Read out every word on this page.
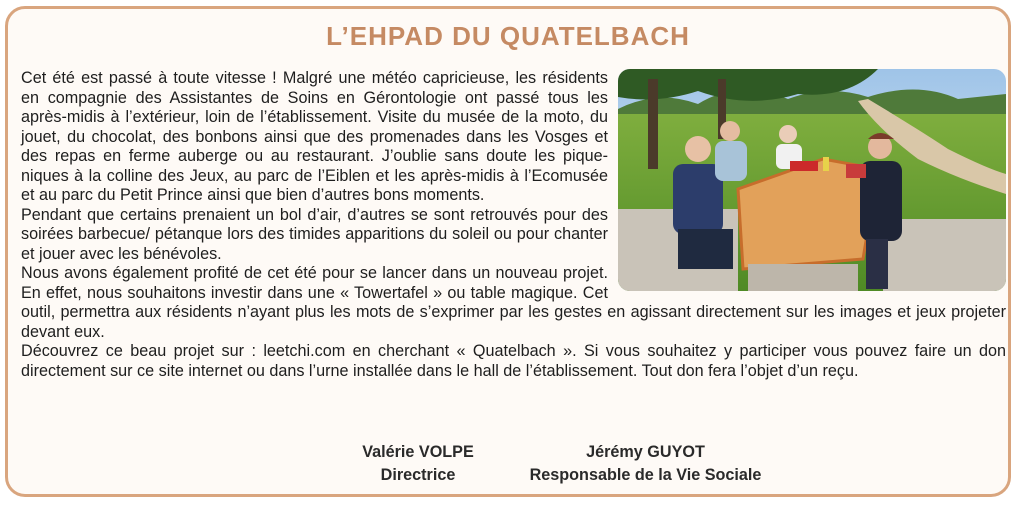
L’EHPAD DU QUATELBACH

Cet été est passé à toute vitesse ! Malgré une météo capricieuse, les résidents en compagnie des Assistantes de Soins en Gérontologie ont passé tous les après-midis à l’extérieur, loin de l’établissement. Visite du musée de la moto, du jouet, du chocolat, des bonbons ainsi que des promenades dans les Vosges et des repas en ferme auberge ou au restaurant. J’oublie sans doute les pique-niques à la colline des Jeux, au parc de l’Eiblen et les après-midis à l’Ecomusée et au parc du Petit Prince ainsi que bien d’autres bons moments.

Pendant que certains prenaient un bol d’air, d’autres se sont retrouvés pour des soirées barbecue/ pétanque lors des timides apparitions du soleil ou pour chanter et jouer avec les bénévoles.

Nous avons également profité de cet été pour se lancer dans un nouveau projet. En effet, nous souhaitons investir dans une « Towertafel » ou table magique. Cet outil, permettra aux résidents n’ayant plus les mots de s’exprimer par les gestes en agissant directement sur les images et jeux projeter devant eux.

Découvrez ce beau projet sur : leetchi.com en cherchant « Quatelbach ». Si vous souhaitez y participer vous pouvez faire un don directement sur ce site internet ou dans l’urne installée dans le hall de l’établissement. Tout don fera l’objet d’un reçu.

Valérie VOLPE
Directrice
Jérémy GUYOT
Responsable de la Vie Sociale
